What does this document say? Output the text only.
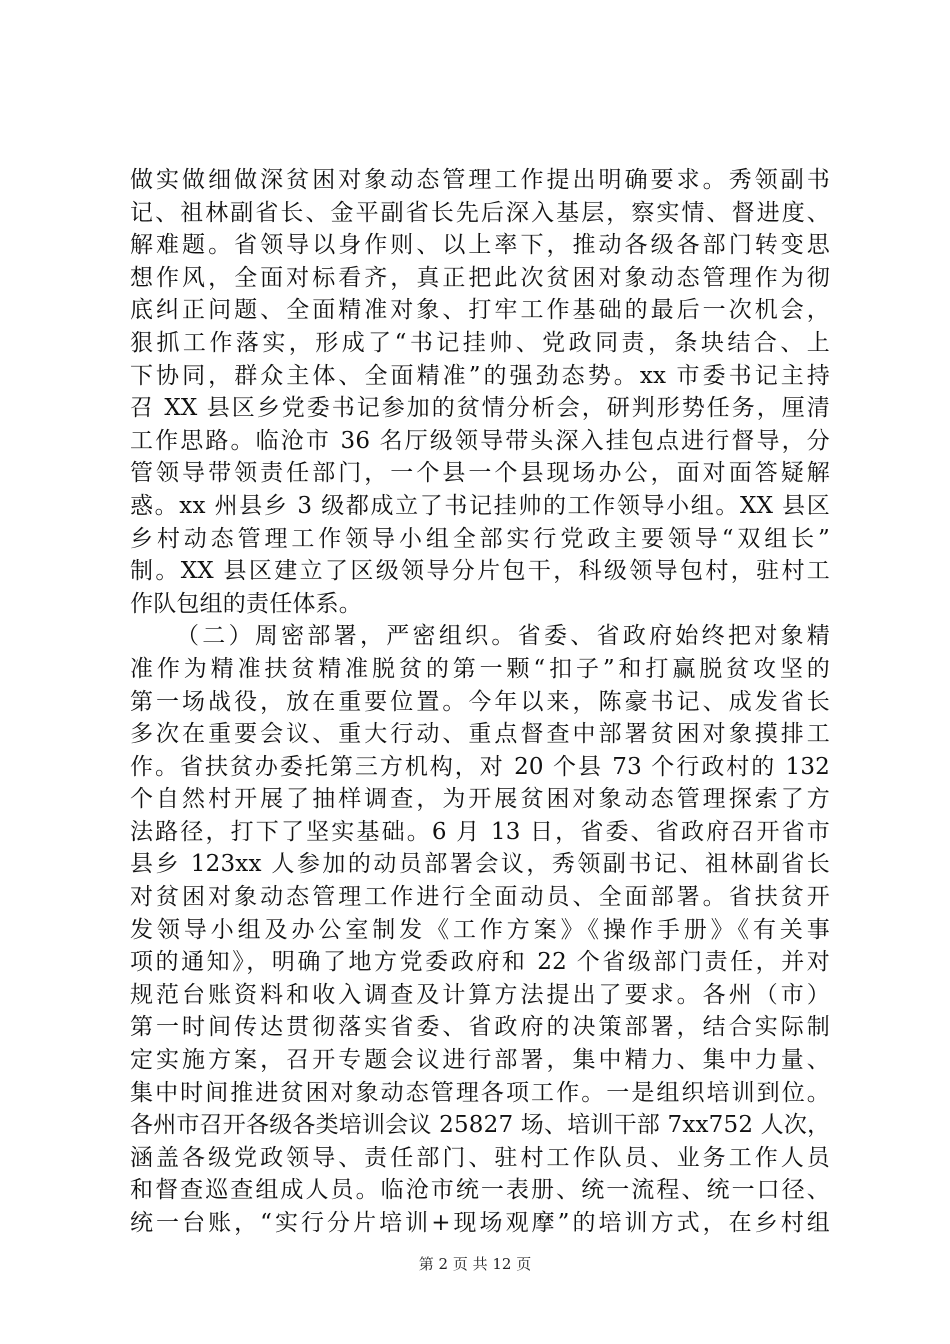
做实做细做深贫困对象动态管理工作提出明确要求。秀领副书
记、祖林副省长、金平副省长先后深入基层，察实情、督进度、
解难题。省领导以身作则、以上率下，推动各级各部门转变思
想作风，全面对标看齐，真正把此次贫困对象动态管理作为彻
底纠正问题、全面精准对象、打牢工作基础的最后一次机会，
狠抓工作落实，形成了“书记挂帅、党政同责，条块结合、上
下协同，群众主体、全面精准”的强劲态势。xx 市委书记主持
召 XX 县区乡党委书记参加的贫情分析会，研判形势任务，厘清
工作思路。临沧市 36 名厅级领导带头深入挂包点进行督导，分
管领导带领责任部门，一个县一个县现场办公，面对面答疑解
惑。xx 州县乡 3 级都成立了书记挂帅的工作领导小组。XX 县区
乡村动态管理工作领导小组全部实行党政主要领导“双组长”
制。XX 县区建立了区级领导分片包干，科级领导包村，驻村工
作队包组的责任体系。
（二）周密部署，严密组织。省委、省政府始终把对象精
准作为精准扶贫精准脱贫的第一颗“扣子”和打赢脱贫攻坚的
第一场战役，放在重要位置。今年以来，陈豪书记、成发省长
多次在重要会议、重大行动、重点督查中部署贫困对象摸排工
作。省扶贫办委托第三方机构，对 20 个县 73 个行政村的 132
个自然村开展了抽样调查，为开展贫困对象动态管理探索了方
法路径，打下了坚实基础。6 月 13 日，省委、省政府召开省市
县乡 123xx 人参加的动员部署会议，秀领副书记、祖林副省长
对贫困对象动态管理工作进行全面动员、全面部署。省扶贫开
发领导小组及办公室制发《工作方案》《操作手册》《有关事
项的通知》，明确了地方党委政府和 22 个省级部门责任，并对
规范台账资料和收入调查及计算方法提出了要求。各州（市）
第一时间传达贯彻落实省委、省政府的决策部署，结合实际制
定实施方案，召开专题会议进行部署，集中精力、集中力量、
集中时间推进贫困对象动态管理各项工作。一是组织培训到位。
各州市召开各级各类培训会议 25827 场、培训干部 7xx752 人次，
涵盖各级党政领导、责任部门、驻村工作队员、业务工作人员
和督查巡查组成人员。临沧市统一表册、统一流程、统一口径、
统一台账，“实行分片培训+现场观摩”的培训方式，在乡村组
第 2 页 共 12 页
